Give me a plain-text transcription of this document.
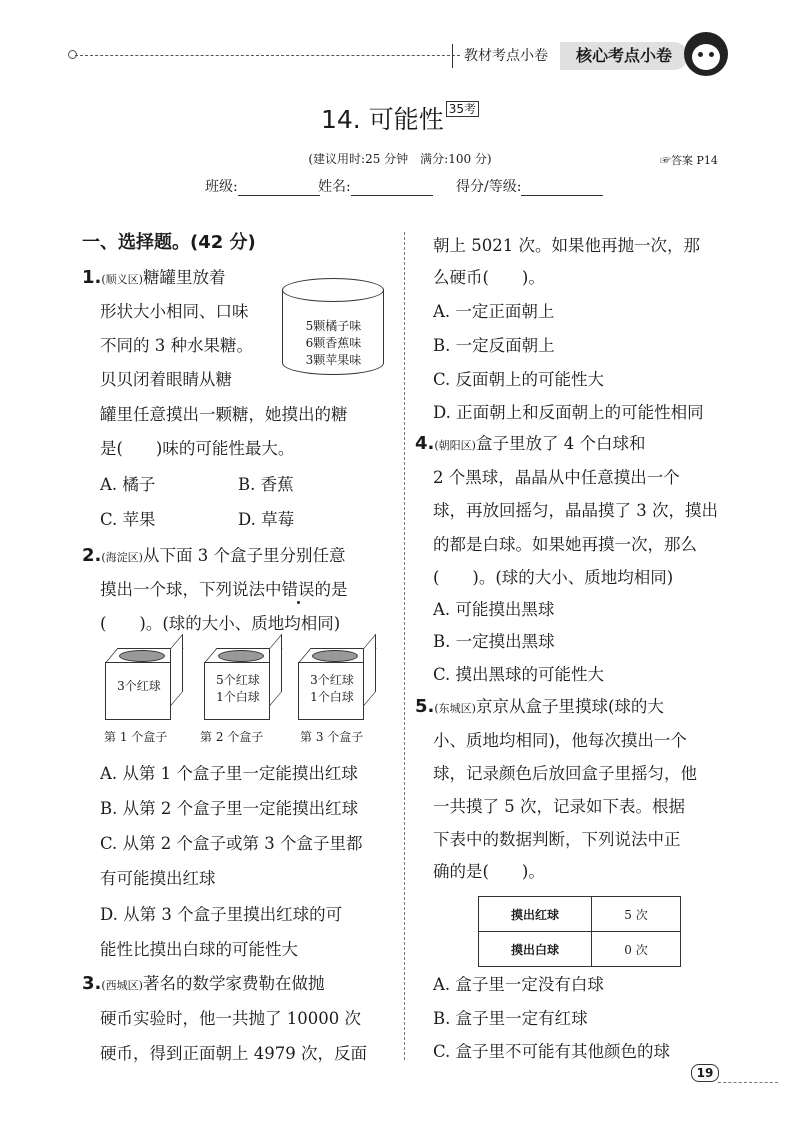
教材考点小卷	核心考点小卷
14. 可能性 $^{35考}$
(建议用时:25 分钟　满分:100 分)	☞答案 P14
班级:	姓名:	得分/等级:
一、选择题。(42 分)
1.(顺义区)糖罐里放着
形状大小相同、口味
不同的 3 种水果糖。
贝贝闭着眼睛从糖
罐里任意摸出一颗糖，她摸出的糖
是(　　)味的可能性最大。
5颗橘子味
6颗香蕉味
3颗苹果味
A. 橘子	B. 香蕉
C. 苹果	D. 草莓
2.(海淀区)从下面 3 个盒子里分别任意
摸出一个球，下列说法中错误的是
(　　)。(球的大小、质地均相同)
3个红球	5个红球
1个白球
3个红球
1个白球
第 1 个盒子	第 2 个盒子	第 3 个盒子
A. 从第 1 个盒子里一定能摸出红球
B. 从第 2 个盒子里一定能摸出红球
C. 从第 2 个盒子或第 3 个盒子里都
有可能摸出红球
D. 从第 3 个盒子里摸出红球的可
能性比摸出白球的可能性大
3.(西城区)著名的数学家费勒在做抛
硬币实验时，他一共抛了 10000 次
硬币，得到正面朝上 4979 次，反面
朝上 5021 次。如果他再抛一次，那
么硬币(　　)。
A. 一定正面朝上
B. 一定反面朝上
C. 反面朝上的可能性大
D. 正面朝上和反面朝上的可能性相同
4.(朝阳区)盒子里放了 4 个白球和
2 个黑球，晶晶从中任意摸出一个
球，再放回摇匀，晶晶摸了 3 次，摸出
的都是白球。如果她再摸一次，那么
(　　)。(球的大小、质地均相同)
A. 可能摸出黑球
B. 一定摸出黑球
C. 摸出黑球的可能性大
5.(东城区)京京从盒子里摸球(球的大
小、质地均相同)，他每次摸出一个
球，记录颜色后放回盒子里摇匀，他
一共摸了 5 次，记录如下表。根据
下表中的数据判断，下列说法中正
确的是(　　)。
摸出红球	5 次
摸出白球	0 次
A. 盒子里一定没有白球
B. 盒子里一定有红球
C. 盒子里不可能有其他颜色的球
19
